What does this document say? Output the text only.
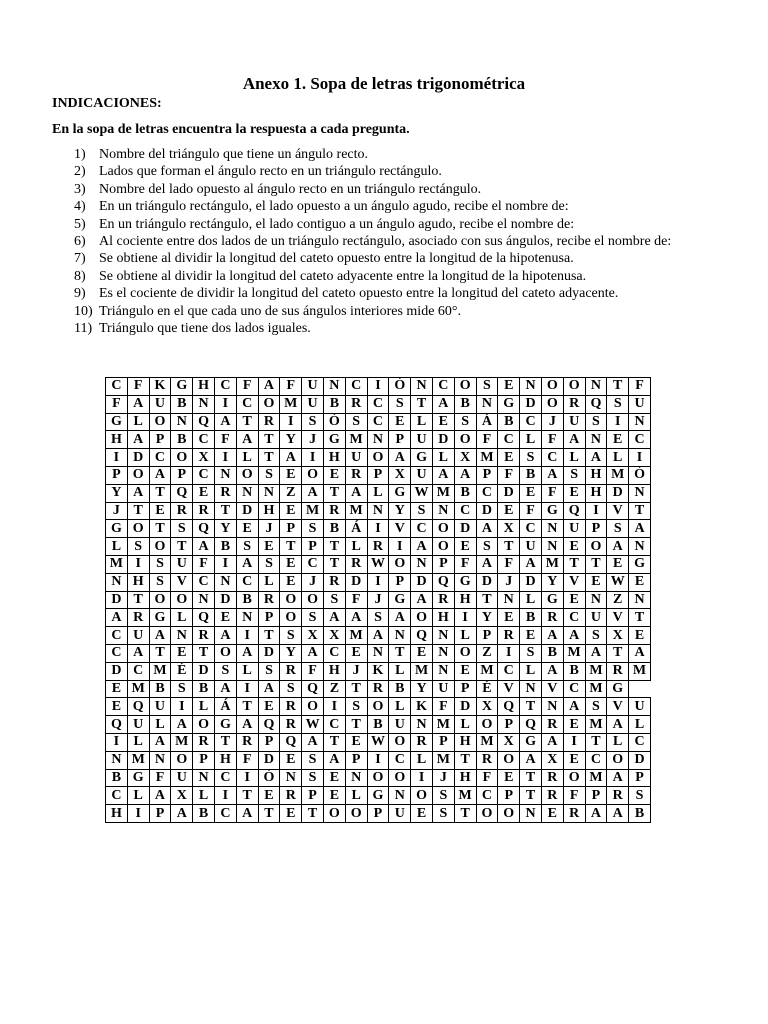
Anexo 1. Sopa de letras trigonométrica
INDICACIONES:
En la sopa de letras encuentra la respuesta a cada pregunta.
1) Nombre del triángulo que tiene un ángulo recto.
2) Lados que forman el ángulo recto en un triángulo rectángulo.
3) Nombre del lado opuesto al ángulo recto en un triángulo rectángulo.
4) En un triángulo rectángulo, el lado opuesto a un ángulo agudo, recibe el nombre de:
5) En un triángulo rectángulo, el lado contiguo a un ángulo agudo, recibe el nombre de:
6) Al cociente entre dos lados de un triángulo rectángulo, asociado con sus ángulos, recibe el nombre de:
7) Se obtiene al dividir la longitud del cateto opuesto entre la longitud de la hipotenusa.
8) Se obtiene al dividir la longitud del cateto adyacente entre la longitud de la hipotenusa.
9) Es el cociente de dividir la longitud del cateto opuesto entre la longitud del cateto adyacente.
10) Triángulo en el que cada uno de sus ángulos interiores mide 60°.
11) Triángulo que tiene dos lados iguales.
C	F	K	G	H	C	F	A	F	U	N	C	I	Ó	N	C	O	S	E	N	O	O	N	T	F
F	A	U	B	N	I	C	O	M	U	B	R	C	S	T	A	B	N	G	D	O	R	Q	S	U
G	L	O	N	Q	A	T	R	I	S	Ó	S	C	E	L	E	S	Á	B	C	J	U	S	I	N
H	A	P	B	C	F	A	T	Y	J	G	M	N	P	U	D	O	F	C	L	F	A	N	E	C
I	D	C	O	X	I	L	T	A	I	H	U	O	A	G	L	X	M	E	S	C	L	A	L	I
P	O	A	P	C	N	O	S	E	O	E	R	P	X	U	A	A	P	F	B	A	S	H	M	Ó
Y	A	T	Q	E	R	N	N	Z	A	T	A	L	G	W	M	B	C	D	E	F	E	H	D	N
J	T	E	R	R	T	D	H	E	M	R	M	N	Y	S	N	C	D	E	F	G	Q	I	V	T
G	O	T	S	Q	Y	E	J	P	S	B	Á	I	V	C	O	D	A	X	C	N	U	P	S	A
L	S	O	T	A	B	S	E	T	P	T	L	R	I	A	O	E	S	T	U	N	E	O	A	N
M	I	S	U	F	I	A	S	E	C	T	R	W	O	N	P	F	A	F	A	M	T	T	E	G
N	H	S	V	C	N	C	L	E	J	R	D	I	P	D	Q	G	D	J	D	Y	V	E	W	E
D	T	O	O	N	D	B	R	O	O	S	F	J	G	A	R	H	T	N	L	G	E	N	Z	N
A	R	G	L	Q	E	N	P	O	S	A	A	S	A	O	H	I	Y	E	B	R	C	U	V	T
C	U	A	N	R	A	I	T	S	X	X	M	A	N	Q	N	L	P	R	E	A	A	S	X	E
C	A	T	E	T	O	A	D	Y	A	C	E	N	T	E	N	O	Z	I	S	B	M	A	T	A
D	C	M	É	D	S	L	S	R	F	H	J	K	L	M	N	E	M	C	L	A	B	M	R	M
E	M	B	S	B	A	I	A	S	Q	Z	T	R	B	Y	U	P	É	V	N	V	C	M	G	
E	Q	U	I	L	Á	T	E	R	O	I	S	O	L	K	F	D	X	Q	T	N	A	S	V	U
Q	U	L	A	O	G	A	Q	R	W	C	T	B	U	N	M	L	O	P	Q	R	E	M	A	L
I	L	A	M	R	T	R	P	Q	A	T	E	W	O	R	P	H	M	X	G	A	I	T	L	C
N	M	N	O	P	H	F	D	E	S	A	P	I	C	L	M	T	R	O	A	X	E	C	O	D
B	G	F	U	N	C	I	Ó	N	S	E	N	O	O	I	J	H	F	E	T	R	O	M	A	P
C	L	A	X	L	I	T	E	R	P	E	L	G	N	O	S	M	C	P	T	R	F	P	R	S
H	I	P	A	B	C	A	T	E	T	O	O	P	U	E	S	T	O	O	N	E	R	A	A	B
